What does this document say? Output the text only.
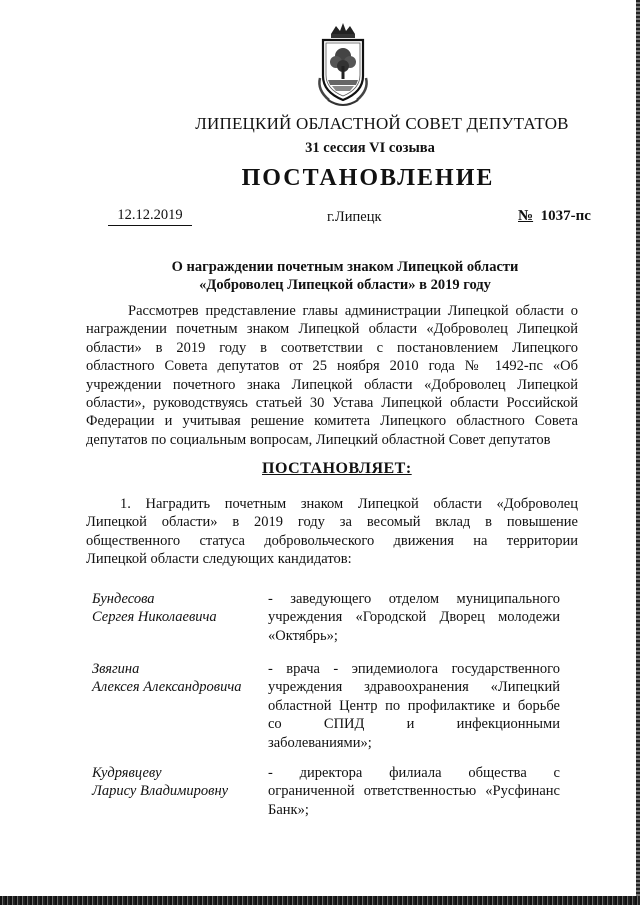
ЛИПЕЦКИЙ ОБЛАСТНОЙ СОВЕТ ДЕПУТАТОВ
31 сессия VI созыва
ПОСТАНОВЛЕНИЕ
12.12.2019	г.Липецк	№ 1037-пс
О награждении почетным знаком Липецкой области
«Доброволец Липецкой области» в 2019 году
Рассмотрев представление главы администрации Липецкой области о
награждении почетным знаком Липецкой области «Доброволец Липецкой
области» в 2019 году в соответствии с постановлением Липецкого
областного Совета депутатов от 25 ноября 2010 года № 1492-пс «Об
учреждении почетного знака Липецкой области «Доброволец Липецкой
области», руководствуясь статьей 30 Устава Липецкой области Российской
Федерации и учитывая решение комитета Липецкого областного Совета
депутатов по социальным вопросам, Липецкий областной Совет депутатов
ПОСТАНОВЛЯЕТ:
1. Наградить почетным знаком Липецкой области «Доброволец
Липецкой области» в 2019 году за весомый вклад в повышение
общественного статуса добровольческого движения на территории
Липецкой области следующих кандидатов:
Бундесова
Сергея Николаевича
- заведующего отделом муниципального
учреждения «Городской Дворец молодежи
«Октябрь»;
Звягина
Алексея Александровича
- врача - эпидемиолога государственного
учреждения здравоохранения «Липецкий
областной Центр по профилактике и борьбе
со СПИД и инфекционными
заболеваниями»;
Кудрявцеву
Ларису Владимировну
- директора филиала общества с
ограниченной ответственностью «Русфинанс
Банк»;
